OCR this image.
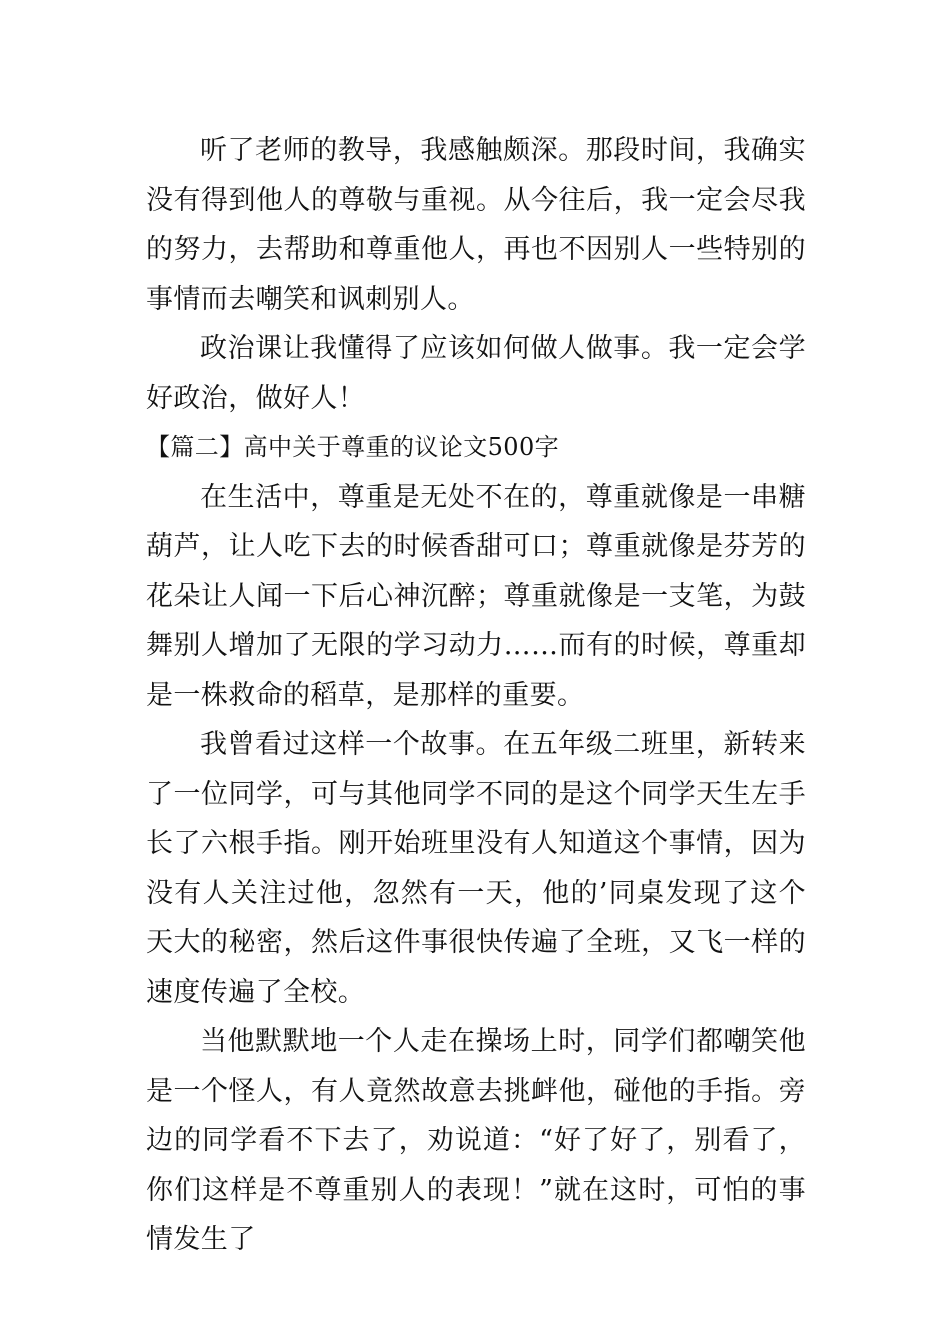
听了老师的教导，我感触颇深。那段时间，我确实没有得到他人的尊敬与重视。从今往后，我一定会尽我的努力，去帮助和尊重他人，再也不因别人一些特别的事情而去嘲笑和讽刺别人。

政治课让我懂得了应该如何做人做事。我一定会学好政治，做好人！

【篇二】高中关于尊重的议论文500字

在生活中，尊重是无处不在的，尊重就像是一串糖葫芦，让人吃下去的时候香甜可口；尊重就像是芬芳的花朵让人闻一下后心神沉醉；尊重就像是一支笔，为鼓舞别人增加了无限的学习动力……而有的时候，尊重却是一株救命的稻草，是那样的重要。

我曾看过这样一个故事。在五年级二班里，新转来了一位同学，可与其他同学不同的是这个同学天生左手长了六根手指。刚开始班里没有人知道这个事情，因为没有人关注过他，忽然有一天，他的’同桌发现了这个天大的秘密，然后这件事很快传遍了全班，又飞一样的速度传遍了全校。

当他默默地一个人走在操场上时，同学们都嘲笑他是一个怪人，有人竟然故意去挑衅他，碰他的手指。旁边的同学看不下去了，劝说道：“好了好了，别看了，你们这样是不尊重别人的表现！”就在这时，可怕的事情发生了
